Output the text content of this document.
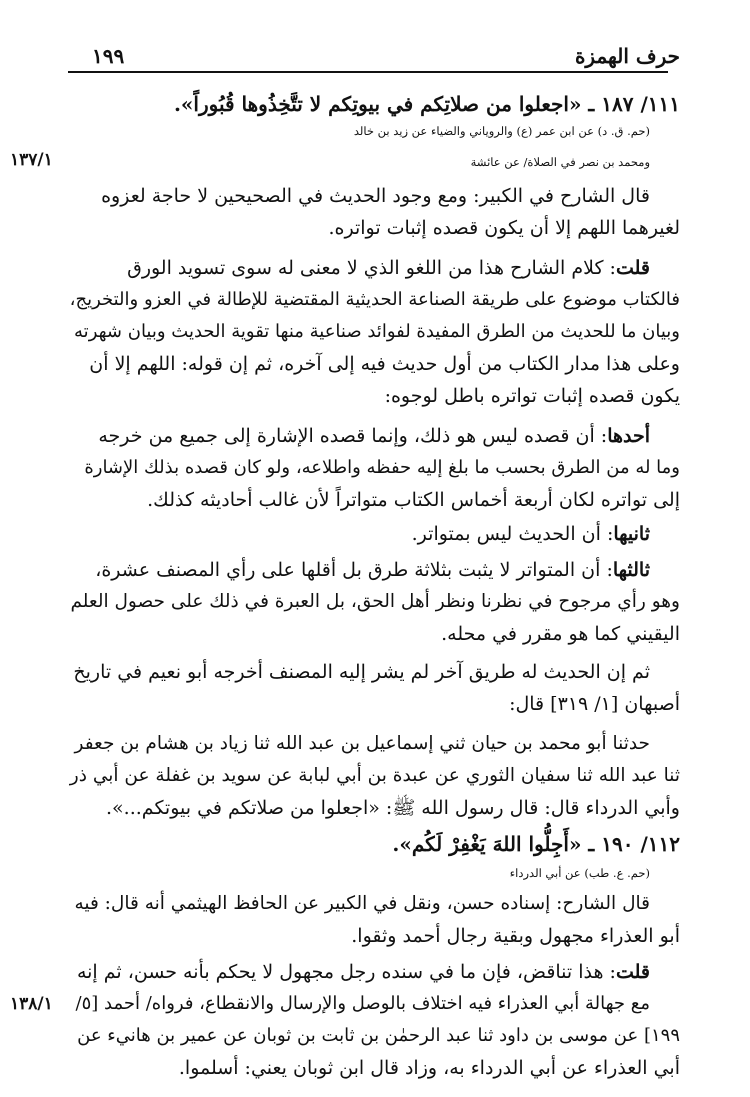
حرف الهمزة
١٩٩
١١١/ ١٨٧ ـ «اجعلوا من صلاتِكم في بيوتِكم لا تتَّخِذُوها قُبُوراً».
(حم. ق. د) عن ابن عمر (ع) والروياني والضياء عن زيد بن خالد
ومحمد بن نصر في الصلاة/ عن عائشة
١٣٧/١
قال الشارح في الكبير: ومع وجود الحديث في الصحيحين لا حاجة لعزوه
لغيرهما اللهم إلا أن يكون قصده إثبات تواتره.
قلت: كلام الشارح هذا من اللغو الذي لا معنى له سوى تسويد الورق
فالكتاب موضوع على طريقة الصناعة الحديثية المقتضية للإطالة في العزو والتخريج،
وبيان ما للحديث من الطرق المفيدة لفوائد صناعية منها تقوية الحديث وبيان شهرته
وعلى هذا مدار الكتاب من أول حديث فيه إلى آخره، ثم إن قوله: اللهم إلا أن
يكون قصده إثبات تواتره باطل لوجوه:
أحدها: أن قصده ليس هو ذلك، وإنما قصده الإشارة إلى جميع من خرجه
وما له من الطرق بحسب ما بلغ إليه حفظه واطلاعه، ولو كان قصده بذلك الإشارة
إلى تواتره لكان أربعة أخماس الكتاب متواتراً لأن غالب أحاديثه كذلك.
ثانيها: أن الحديث ليس بمتواتر.
ثالثها: أن المتواتر لا يثبت بثلاثة طرق بل أقلها على رأي المصنف عشرة،
وهو رأي مرجوح في نظرنا ونظر أهل الحق، بل العبرة في ذلك على حصول العلم
اليقيني كما هو مقرر في محله.
ثم إن الحديث له طريق آخر لم يشر إليه المصنف أخرجه أبو نعيم في تاريخ
أصبهان [١/ ٣١٩] قال:
حدثنا أبو محمد بن حيان ثني إسماعيل بن عبد الله ثنا زياد بن هشام بن جعفر
ثنا عبد الله ثنا سفيان الثوري عن عبدة بن أبي لبابة عن سويد بن غفلة عن أبي ذر
وأبي الدرداء قال: قال رسول الله ﷺ: «اجعلوا من صلاتكم في بيوتكم...».
١١٢/ ١٩٠ ـ «أَجِلُّوا اللهَ يَغْفِرْ لَكُم».
(حم. ع. طب) عن أبي الدرداء
قال الشارح: إسناده حسن، ونقل في الكبير عن الحافظ الهيثمي أنه قال: فيه
أبو العذراء مجهول وبقية رجال أحمد وثقوا.
قلت: هذا تناقض، فإن ما في سنده رجل مجهول لا يحكم بأنه حسن، ثم إنه
مع جهالة أبي العذراء فيه اختلاف بالوصل والإرسال والانقطاع، فرواه/ أحمد [٥/
١٣٨/١
١٩٩] عن موسى بن داود ثنا عبد الرحمٰن بن ثابت بن ثوبان عن عمير بن هانيء عن
أبي العذراء عن أبي الدرداء به، وزاد قال ابن ثوبان يعني: أسلموا.
